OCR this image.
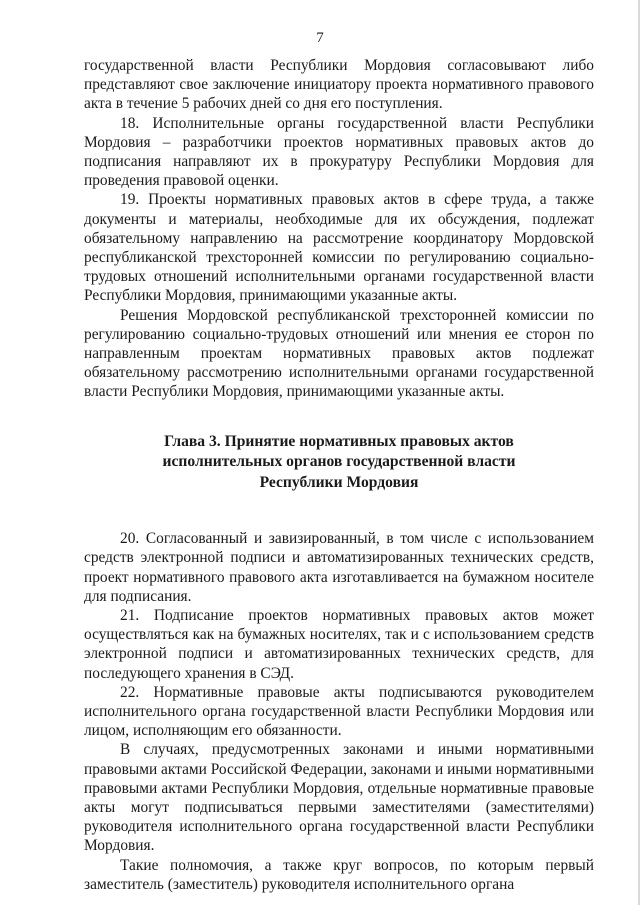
7

государственной власти Республики Мордовия согласовывают либо представляют свое заключение инициатору проекта нормативного правового акта в течение 5 рабочих дней со дня его поступления.

18. Исполнительные органы государственной власти Республики Мордовия – разработчики проектов нормативных правовых актов до подписания направляют их в прокуратуру Республики Мордовия для проведения правовой оценки.

19. Проекты нормативных правовых актов в сфере труда, а также документы и материалы, необходимые для их обсуждения, подлежат обязательному направлению на рассмотрение координатору Мордовской республиканской трехсторонней комиссии по регулированию социально-трудовых отношений исполнительными органами государственной власти Республики Мордовия, принимающими указанные акты.

Решения Мордовской республиканской трехсторонней комиссии по регулированию социально-трудовых отношений или мнения ее сторон по направленным проектам нормативных правовых актов подлежат обязательному рассмотрению исполнительными органами государственной власти Республики Мордовия, принимающими указанные акты.

Глава 3. Принятие нормативных правовых актов
исполнительных органов государственной власти
Республики Мордовия

20. Согласованный и завизированный, в том числе с использованием средств электронной подписи и автоматизированных технических средств, проект нормативного правового акта изготавливается на бумажном носителе для подписания.

21. Подписание проектов нормативных правовых актов может осуществляться как на бумажных носителях, так и с использованием средств электронной подписи и автоматизированных технических средств, для последующего хранения в СЭД.

22. Нормативные правовые акты подписываются руководителем исполнительного органа государственной власти Республики Мордовия или лицом, исполняющим его обязанности.

В случаях, предусмотренных законами и иными нормативными правовыми актами Российской Федерации, законами и иными нормативными правовыми актами Республики Мордовия, отдельные нормативные правовые акты могут подписываться первыми заместителями (заместителями) руководителя исполнительного органа государственной власти Республики Мордовия.

Такие полномочия, а также круг вопросов, по которым первый заместитель (заместитель) руководителя исполнительного органа
